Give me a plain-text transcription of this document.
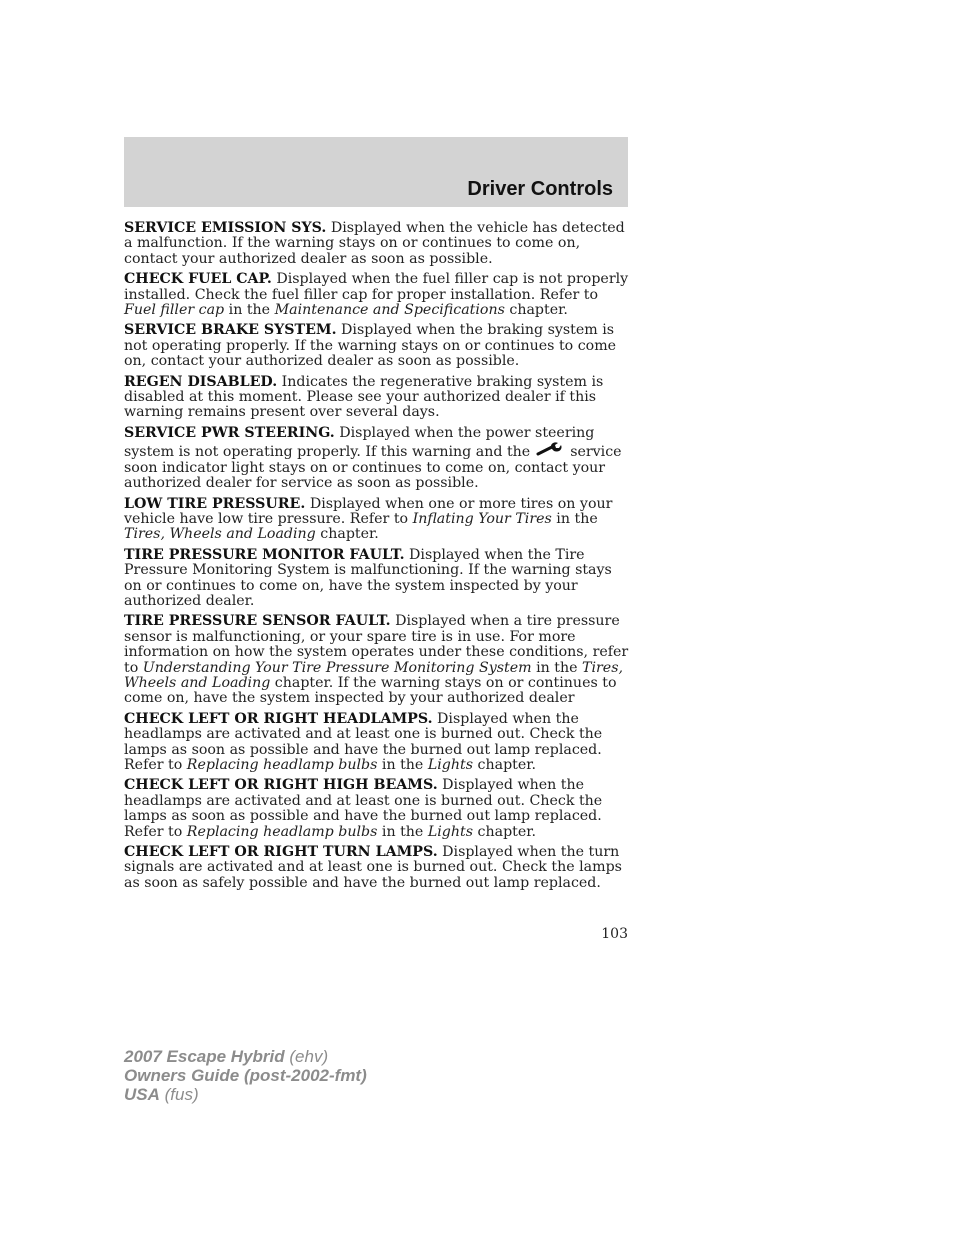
Driver Controls

SERVICE EMISSION SYS. Displayed when the vehicle has detected a malfunction. If the warning stays on or continues to come on, contact your authorized dealer as soon as possible.

CHECK FUEL CAP. Displayed when the fuel filler cap is not properly installed. Check the fuel filler cap for proper installation. Refer to Fuel filler cap in the Maintenance and Specifications chapter.

SERVICE BRAKE SYSTEM. Displayed when the braking system is not operating properly. If the warning stays on or continues to come on, contact your authorized dealer as soon as possible.

REGEN DISABLED. Indicates the regenerative braking system is disabled at this moment. Please see your authorized dealer if this warning remains present over several days.

SERVICE PWR STEERING. Displayed when the power steering system is not operating properly. If this warning and the	service soon indicator light stays on or continues to come on, contact your authorized dealer for service as soon as possible.

LOW TIRE PRESSURE. Displayed when one or more tires on your vehicle have low tire pressure. Refer to Inflating Your Tires in the Tires, Wheels and Loading chapter.

TIRE PRESSURE MONITOR FAULT. Displayed when the Tire Pressure Monitoring System is malfunctioning. If the warning stays on or continues to come on, have the system inspected by your authorized dealer.

TIRE PRESSURE SENSOR FAULT. Displayed when a tire pressure sensor is malfunctioning, or your spare tire is in use. For more information on how the system operates under these conditions, refer to Understanding Your Tire Pressure Monitoring System in the Tires, Wheels and Loading chapter. If the warning stays on or continues to come on, have the system inspected by your authorized dealer

CHECK LEFT OR RIGHT HEADLAMPS. Displayed when the headlamps are activated and at least one is burned out. Check the lamps as soon as possible and have the burned out lamp replaced. Refer to Replacing headlamp bulbs in the Lights chapter.

CHECK LEFT OR RIGHT HIGH BEAMS. Displayed when the headlamps are activated and at least one is burned out. Check the lamps as soon as possible and have the burned out lamp replaced. Refer to Replacing headlamp bulbs in the Lights chapter.

CHECK LEFT OR RIGHT TURN LAMPS. Displayed when the turn signals are activated and at least one is burned out. Check the lamps as soon as safely possible and have the burned out lamp replaced.

103
2007 Escape Hybrid (ehv)
Owners Guide (post-2002-fmt)
USA (fus)
